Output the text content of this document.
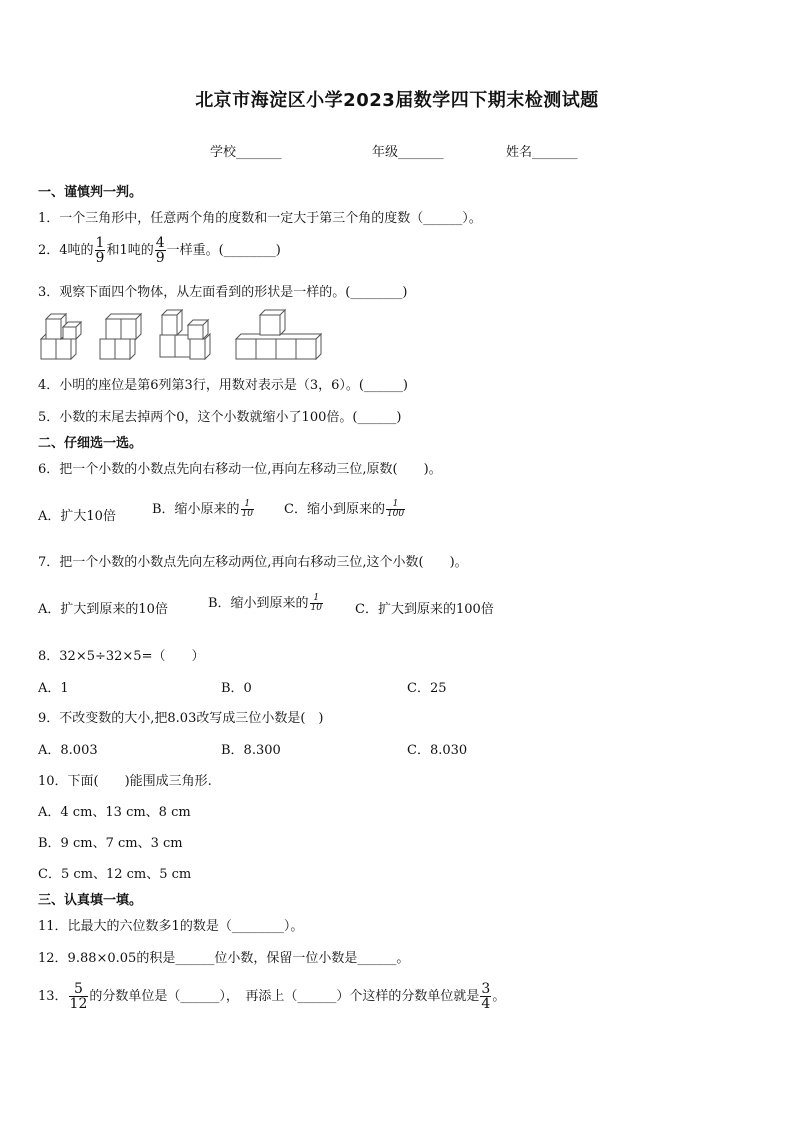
北京市海淀区小学2023届数学四下期末检测试题
学校_______	年级_______	姓名_______
一、谨慎判一判。
1．一个三角形中，任意两个角的度数和一定大于第三个角的度数（______）。
2．4吨的 $\frac{1}{9}$ 和1吨的 $\frac{4}{9}$ 一样重。(________)
3．观察下面四个物体，从左面看到的形状是一样的。(________)
4．小明的座位是第6列第3行，用数对表示是（3，6）。(______)
5．小数的末尾去掉两个0，这个小数就缩小了100倍。(______)
二、仔细选一选。
6．把一个小数的小数点先向右移动一位,再向左移动三位,原数(　　)。
A．扩大10倍	B．缩小原来的 $\frac{1}{10}$ C．缩小到原来的 $\frac{1}{100}$
7．把一个小数的小数点先向左移动两位,再向右移动三位,这个小数(　　)。
A．扩大到原来的10倍	B．缩小到原来的 $\frac{1}{10}$ C．扩大到原来的100倍
8．32×5÷32×5=（　　）
A．1	B．0	C．25
9．不改变数的大小,把8.03改写成三位小数是(　)
A．8.003	B．8.300	C．8.030
10．下面(　　)能围成三角形.
A．4 cm、13 cm、8 cm
B．9 cm、7 cm、3 cm
C．5 cm、12 cm、5 cm
三、认真填一填。
11．比最大的六位数多1的数是（________）。
12．9.88×0.05的积是______位小数，保留一位小数是______。
13． $\frac{5}{12}$ 的分数单位是（______），　再添上（______）个这样的分数单位就是 $\frac{3}{4}$ 。
